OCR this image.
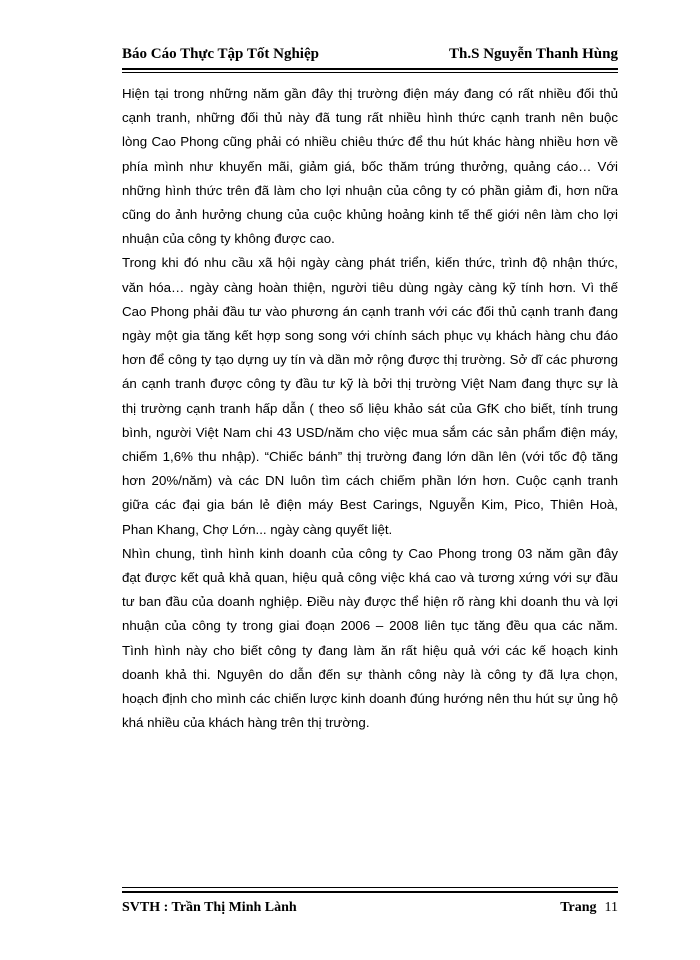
Báo Cáo Thực Tập Tốt Nghiệp	Th.S Nguyễn Thanh Hùng

Hiện tại trong những năm gần đây thị trường điện máy đang có rất nhiều đối thủ
cạnh tranh, những đối thủ này đã tung rất nhiều hình thức cạnh tranh nên buộc
lòng Cao Phong cũng phải có nhiều chiêu thức để thu hút khác hàng nhiều hơn về
phía mình như khuyến mãi, giảm giá, bốc thăm trúng thưởng, quảng cáo… Với
những hình thức trên đã làm cho lợi nhuận của công ty có phần giảm đi, hơn nữa
cũng do ảnh hưởng chung của cuộc khủng hoảng kinh tế thế giới nên làm cho lợi
nhuận của công ty không được cao.

Trong khi đó nhu cầu xã hội ngày càng phát triển, kiến thức, trình độ nhận thức,
văn hóa… ngày càng hoàn thiện, người tiêu dùng ngày càng kỹ tính hơn. Vì thế
Cao Phong phải đầu tư vào phương án cạnh tranh với các đối thủ cạnh tranh đang
ngày một gia tăng kết hợp song song với chính sách phục vụ khách hàng chu đáo
hơn để công ty tạo dựng uy tín và dần mở rộng được thị trường. Sở dĩ các phương
án cạnh tranh được công ty đầu tư kỹ là bởi thị trường Việt Nam đang thực sự là
thị trường cạnh tranh hấp dẫn ( theo số liệu khảo sát của GfK cho biết, tính trung
bình, người Việt Nam chi 43 USD/năm cho việc mua sắm các sản phẩm điện máy,
chiếm 1,6% thu nhập). “Chiếc bánh” thị trường đang lớn dần lên (với tốc độ tăng
hơn 20%/năm) và các DN luôn tìm cách chiếm phần lớn hơn. Cuộc cạnh tranh
giữa các đại gia bán lẻ điện máy Best Carings, Nguyễn Kim, Pico, Thiên Hoà,
Phan Khang, Chợ Lớn... ngày càng quyết liệt.

Nhìn chung, tình hình kinh doanh của công ty Cao Phong trong 03 năm gần đây
đạt được kết quả khả quan, hiệu quả công việc khá cao và tương xứng với sự đầu
tư ban đầu của doanh nghiệp. Điều này được thể hiện rõ ràng khi doanh thu và lợi
nhuận của công ty trong giai đoạn 2006 – 2008 liên tục tăng đều qua các năm.
Tình hình này cho biết công ty đang làm ăn rất hiệu quả với các kế hoạch kinh
doanh khả thi. Nguyên do dẫn đến sự thành công này là công ty đã lựa chọn,
hoạch định cho mình các chiến lược kinh doanh đúng hướng nên thu hút sự ủng hộ
khá nhiều của khách hàng trên thị trường.

SVTH : Trần Thị Minh Lành	Trang 11
